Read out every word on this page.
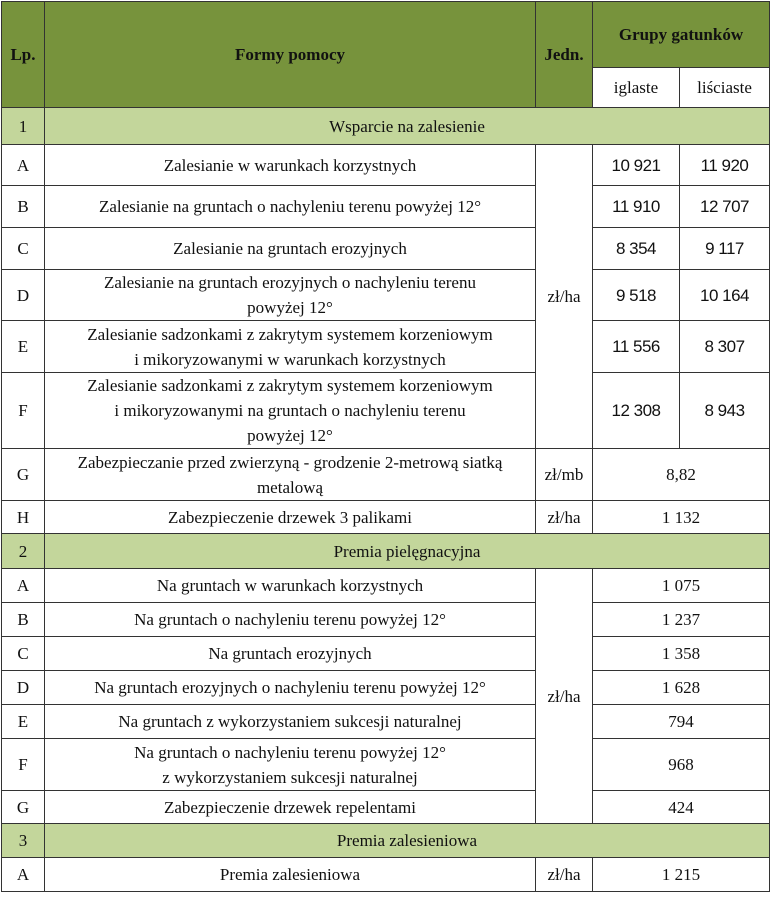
Lp.	Formy pomocy	Jedn.	Grupy gatunków	
			iglaste	liściaste
1	Wsparcie na zalesienie			
A	Zalesianie w warunkach korzystnych	zł/ha	10 921	11 920
B	Zalesianie na gruntach o nachyleniu terenu powyżej 12°		11 910	12 707
C	Zalesianie na gruntach erozyjnych		8 354	9 117
D	Zalesianie na gruntach erozyjnych o nachyleniu terenu
powyżej 12°		9 518	10 164
E	Zalesianie sadzonkami z zakrytym systemem korzeniowym
i mikoryzowanymi w warunkach korzystnych		11 556	8 307
F	Zalesianie sadzonkami z zakrytym systemem korzeniowym
i mikoryzowanymi na gruntach o nachyleniu terenu
powyżej 12°		12 308	8 943
G	Zabezpieczanie przed zwierzyną - grodzenie 2-metrową siatką
metalową	zł/mb	8,82	
H	Zabezpieczenie drzewek 3 palikami	zł/ha	1 132	
2	Premia pielęgnacyjna			
A	Na gruntach w warunkach korzystnych	zł/ha	1 075	
B	Na gruntach o nachyleniu terenu powyżej 12°		1 237	
C	Na gruntach erozyjnych		1 358	
D	Na gruntach erozyjnych o nachyleniu terenu powyżej 12°		1 628	
E	Na gruntach z wykorzystaniem sukcesji naturalnej		794	
F	Na gruntach o nachyleniu terenu powyżej 12°
z wykorzystaniem sukcesji naturalnej		968	
G	Zabezpieczenie drzewek repelentami		424	
3	Premia zalesieniowa			
A	Premia zalesieniowa	zł/ha	1 215	
